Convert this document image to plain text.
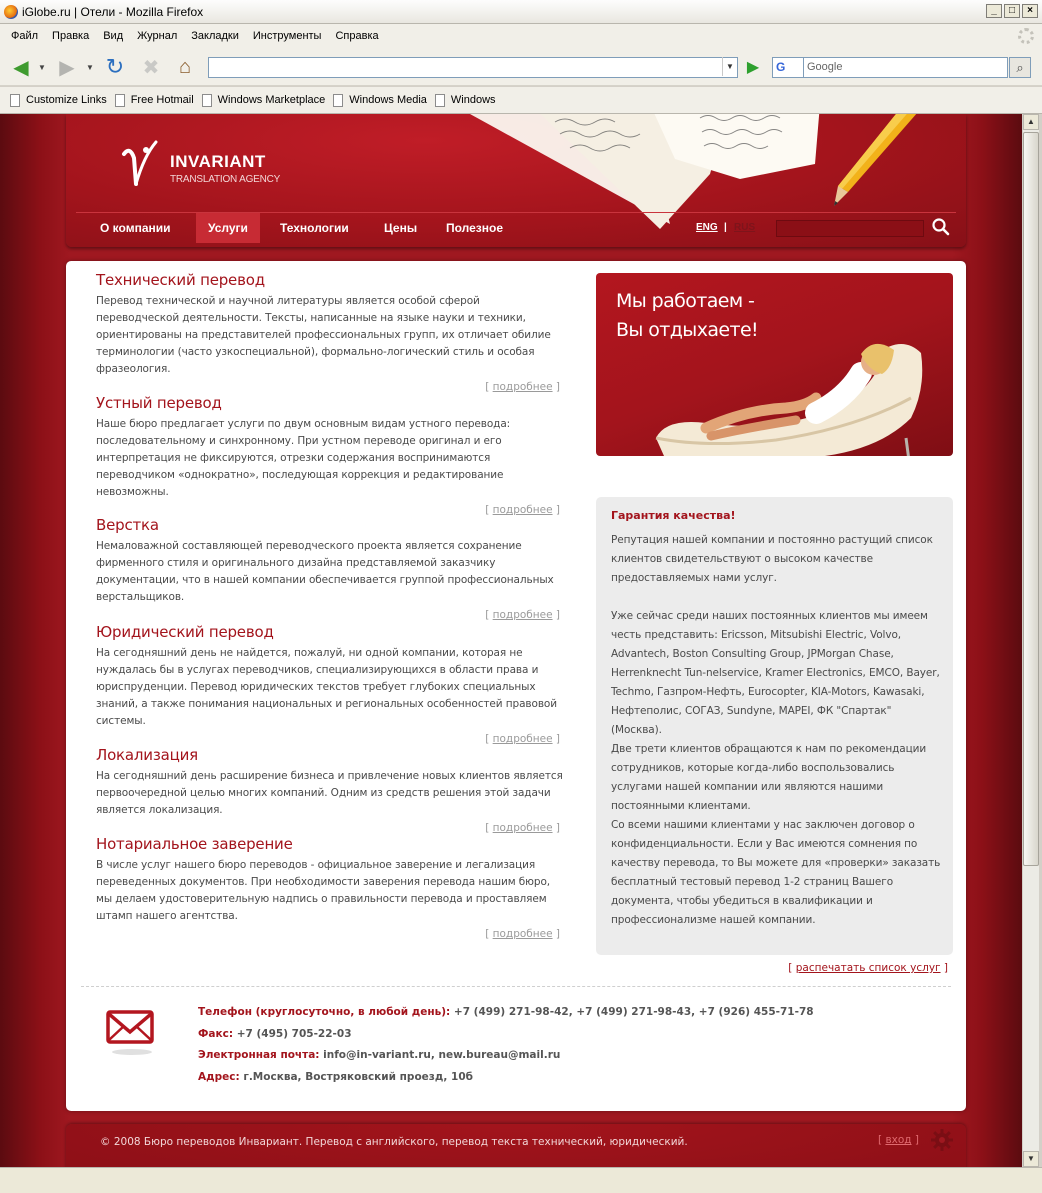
iGlobe.ru | Отели - Mozilla Firefox	_	□	×
Файл	Правка	Вид	Журнал	Закладки	Инструменты	Справка
◀	▼ ▶	▼ ↻ ✖ ⌂	▼ ▶	G	Google	⌕
Customize Links Free Hotmail Windows Marketplace Windows Media Windows
INVARIANT
TRANSLATION AGENCY
О компании	Услуги	Технологии	Цены Полезное	ENG | RUS
Технический перевод

Перевод технической и научной литературы является особой сферой переводческой деятельности. Тексты, написанные на языке науки и техники, ориентированы на представителей профессиональных групп, их отличает обилие терминологии (часто узкоспециальной), формально-логический стиль и особая фразеология.

[ подробнее ]
Устный перевод

Наше бюро предлагает услуги по двум основным видам устного перевода: последовательному и синхронному. При устном переводе оригинал и его интерпретация не фиксируются, отрезки содержания воспринимаются переводчиком «однократно», последующая коррекция и редактирование невозможны.

[ подробнее ]
Верстка

Немаловажной составляющей переводческого проекта является сохранение фирменного стиля и оригинального дизайна представляемой заказчику документации, что в нашей компании обеспечивается группой профессиональных верстальщиков.

[ подробнее ]
Юридический перевод

На сегодняшний день не найдется, пожалуй, ни одной компании, которая не нуждалась бы в услугах переводчиков, специализирующихся в области права и юриспруденции. Перевод юридических текстов требует глубоких специальных знаний, а также понимания национальных и региональных особенностей правовой системы.

[ подробнее ]
Локализация

На сегодняшний день расширение бизнеса и привлечение новых клиентов является первоочередной целью многих компаний. Одним из средств решения этой задачи является локализация.

[ подробнее ]
Нотариальное заверение

В числе услуг нашего бюро переводов - официальное заверение и легализация переведенных документов. При необходимости заверения перевода нашим бюро, мы делаем удостоверительную надпись о правильности перевода и проставляем штамп нашего агентства.

[ подробнее ]
Мы работаем -
Вы отдыхаете!
Гарантия качества!

Репутация нашей компании и постоянно растущий список клиентов свидетельствуют о высоком качестве предоставляемых нами услуг.

Уже сейчас среди наших постоянных клиентов мы имеем честь представить: Ericsson, Mitsubishi Electric, Volvo, Advantech, Boston Consulting Group, JPMorgan Chase, Herrenknecht Tun-nelservice, Kramer Electronics, EMCO, Bayer, Techmo, Газпром-Нефть, Eurocopter, KIA-Motors, Kawasaki, Нефтеполис, СОГАЗ, Sundyne, MAPEI, ФК "Спартак" (Москва).

Две трети клиентов обращаются к нам по рекомендации сотрудников, которые когда-либо воспользовались услугами нашей компании или являются нашими постоянными клиентами.

Со всеми нашими клиентами у нас заключен договор о конфиденциальности. Если у Вас имеются сомнения по качеству перевода, то Вы можете для «проверки» заказать бесплатный тестовый перевод 1-2 страниц Вашего документа, чтобы убедиться в квалификации и профессионализме нашей компании.

[ распечатать список услуг ]
Телефон (круглосуточно, в любой день): +7 (499) 271-98-42, +7 (499) 271-98-43, +7 (926) 455-71-78
Факс: +7 (495) 705-22-03
Электронная почта: info@in-variant.ru, new.bureau@mail.ru
Адрес: г.Москва, Востряковский проезд, 10б
© 2008 Бюро переводов Инвариант. Перевод с английского, перевод текста технический, юридический.	[ вход ]
▲
▼
